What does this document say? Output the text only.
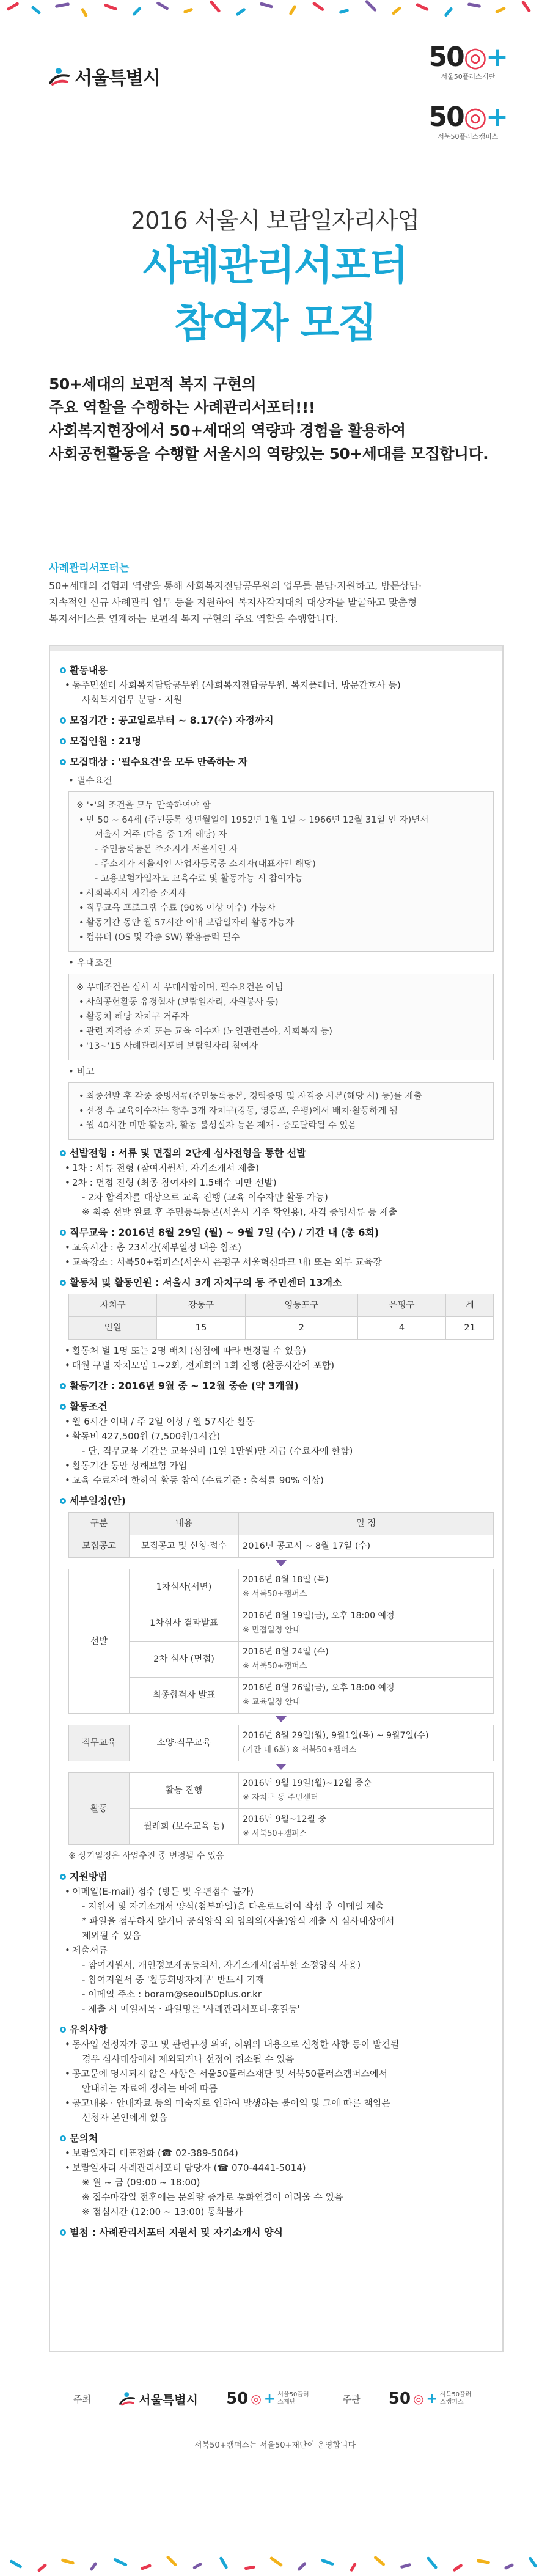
서울특별시
50◎+
서울50플러스재단
50◎+
서북50플러스캠퍼스
2016 서울시 보람일자리사업
사례관리서포터
참여자 모집
50+세대의 보편적 복지 구현의
주요 역할을 수행하는 사례관리서포터!!!
사회복지현장에서 50+세대의 역량과 경험을 활용하여
사회공헌활동을 수행할 서울시의 역량있는 50+세대를 모집합니다.
사례관리서포터는
50+세대의 경험과 역량을 통해 사회복지전담공무원의 업무를 분담·지원하고, 방문상담·
지속적인 신규 사례관리 업무 등을 지원하여 복지사각지대의 대상자를 발굴하고 맞춤형
복지서비스를 연계하는 보편적 복지 구현의 주요 역할을 수행합니다.
활동내용
• 동주민센터 사회복지담당공무원 (사회복지전담공무원, 복지플래너, 방문간호사 등)
사회복지업무 분담 · 지원
모집기간 : 공고일로부터 ~ 8.17(수) 자정까지
모집인원 : 21명
모집대상 : '필수요건'을 모두 만족하는 자
• 필수요건
※ '•'의 조건을 모두 만족하여야 함
• 만 50 ~ 64세 (주민등록 생년월일이 1952년 1월 1일 ~ 1966년 12월 31일 인 자)면서
서울시 거주 (다음 중 1개 해당) 자
- 주민등록등본 주소지가 서울시인 자
- 주소지가 서울시인 사업자등록증 소지자(대표자만 해당)
- 고용보험가입자도 교육수료 및 활동가능 시 참여가능
• 사회복지사 자격증 소지자
• 직무교육 프로그램 수료 (90% 이상 이수) 가능자
• 활동기간 동안 월 57시간 이내 보람일자리 활동가능자
• 컴퓨터 (OS 및 각종 SW) 활용능력 필수
• 우대조건
※ 우대조건은 심사 시 우대사항이며, 필수요건은 아님
• 사회공헌활동 유경험자 (보람일자리, 자원봉사 등)
• 활동처 해당 자치구 거주자
• 관련 자격증 소지 또는 교육 이수자 (노인관련분야, 사회복지 등)
• '13~'15 사례관리서포터 보람일자리 참여자
• 비고
• 최종선발 후 각종 증빙서류(주민등록등본, 경력증명 및 자격증 사본(해당 시) 등)를 제출
• 선정 후 교육이수자는 향후 3개 자치구(강동, 영등포, 은평)에서 배치·활동하게 됨
• 월 40시간 미만 활동자, 활동 불성실자 등은 제재 · 중도탈락될 수 있음
선발전형 : 서류 및 면접의 2단계 심사전형을 통한 선발
• 1차 : 서류 전형 (참여지원서, 자기소개서 제출)
• 2차 : 면접 전형 (최종 참여자의 1.5배수 미만 선발)
- 2차 합격자를 대상으로 교육 진행 (교육 이수자만 활동 가능)
※ 최종 선발 완료 후 주민등록등본(서울시 거주 확인용), 자격 증빙서류 등 제출
직무교육 : 2016년 8월 29일 (월) ~ 9월 7일 (수) / 기간 내 (총 6회)
• 교육시간 : 총 23시간(세부일정 내용 참조)
• 교육장소 : 서북50+캠퍼스(서울시 은평구 서울혁신파크 내) 또는 외부 교육장
활동처 및 활동인원 : 서울시 3개 자치구의 동 주민센터 13개소
자치구	강동구	영등포구	은평구	계
인원	15	2	4	21
• 활동처 별 1명 또는 2명 배치 (심참에 따라 변경될 수 있음)
• 매월 구별 자치모임 1~2회, 전체회의 1회 진행 (활동시간에 포함)
활동기간 : 2016년 9월 중 ~ 12월 중순 (약 3개월)
활동조건
• 월 6시간 이내 / 주 2일 이상 / 월 57시간 활동
• 활동비 427,500원 (7,500원/1시간)
- 단, 직무교육 기간은 교육실비 (1일 1만원)만 지급 (수료자에 한함)
• 활동기간 동안 상해보험 가입
• 교육 수료자에 한하여 활동 참여 (수료기준 : 출석률 90% 이상)
세부일정(안)
구분	내용	일 정
모집공고	모집공고 및 신청·접수	2016년 공고시 ~ 8월 17일 (수)

선발	1차심사(서면)	2016년 8월 18일 (목)
※ 서북50+캠퍼스

	1차심사 결과발표	2016년 8월 19일(금), 오후 18:00 예정
※ 면접일정 안내

	2차 심사 (면접)	2016년 8월 24일 (수)
※ 서북50+캠퍼스

	최종합격자 발표	2016년 8월 26일(금), 오후 18:00 예정
※ 교육일정 안내

직무교육	소양·직무교육	2016년 8월 29일(월), 9월1일(목) ~ 9월7일(수)
(기간 내 6회) ※ 서북50+캠퍼스

활동	활동 진행	2016년 9월 19일(월)~12월 중순
※ 자치구 동 주민센터

	월례회 (보수교육 등)	2016년 9월~12월 중
※ 서북50+캠퍼스
※ 상기일정은 사업추진 중 변경될 수 있음
지원방법
• 이메일(E-mail) 접수 (방문 및 우편접수 불가)
- 지원서 및 자기소개서 양식(첨부파일)을 다운로드하여 작성 후 이메일 제출
* 파일을 첨부하지 않거나 공식양식 외 임의의(자율)양식 제출 시 심사대상에서
제외될 수 있음
• 제출서류
- 참여지원서, 개인정보제공동의서, 자기소개서(첨부한 소정양식 사용)
- 참여지원서 중 '활동희망자치구' 반드시 기재
- 이메일 주소 : boram@seoul50plus.or.kr
- 제출 시 메일제목 · 파일명은 '사례관리서포터-홍길동'
유의사항
• 동사업 선정자가 공고 및 관련규정 위배, 허위의 내용으로 신청한 사항 등이 발견될
경우 심사대상에서 제외되거나 선정이 취소될 수 있음
• 공고문에 명시되지 않은 사항은 서울50플러스재단 및 서북50플러스캠퍼스에서
안내하는 자료에 정하는 바에 따름
• 공고내용 · 안내자료 등의 미숙지로 인하여 발생하는 불이익 및 그에 따른 책임은
신청자 본인에게 있음
문의처
• 보람일자리 대표전화 (☎ 02-389-5064)
• 보람일자리 사례관리서포터 담당자 (☎ 070-4441-5014)
※ 월 ~ 금 (09:00 ~ 18:00)
※ 접수마감일 전후에는 문의량 증가로 통화연결이 어려울 수 있음
※ 점심시간 (12:00 ~ 13:00) 통화불가
별첨 : 사례관리서포터 지원서 및 자기소개서 양식
주최	서울특별시 50 ◎ + 서울50플러스재단	주관 50 ◎ + 서북50플러스캠퍼스
서북50+캠퍼스는 서울50+재단이 운영합니다
